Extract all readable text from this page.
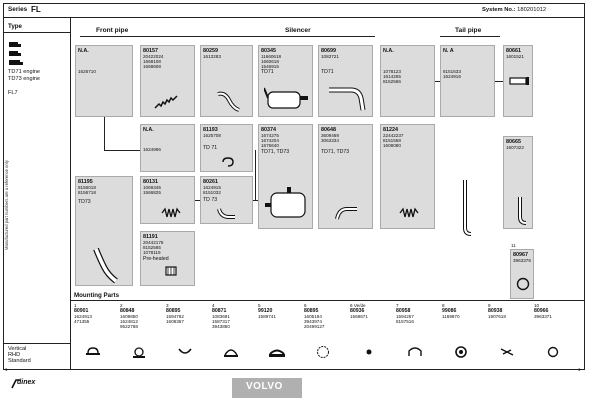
Series FL	System No.: 180201012
Type
TD71 engine
TD73 engine
FL7
Manufactured part numbers are a reference only
Vertical
RHD
Standard
Front pipe	Silencer	Tail pipe
N.A.
1625710
80157
20422024
1668108
1668608
80259
1613283
80345
11660618
1660618
1546915
TD71
80699
1083721
TD71
N.A.
1078123
1614265
8152566
N. A
8151633
1624916
80661
1601521
N.A.
1624996
81193
1625708
TD 71
80374
1674275
1674204
1676640
TD71, TD73
80648
3609469
3063334
TD71, TD73
81224
22442237
8151558
1608080
80665
1607322
81195
8156018
8156718
TD73
80131
1069345
1566825
80261
1624915
8151032
TD 73
81191
20442178
8152565
1078119
Pre-heated
11
80967
3963378
Mounting Parts
1
80901
1624913
471355
2
80848
1609850
1624812
9522768
3
80895
1594762
1608367
4
80871
1083691
1587317
3943850
5
99120
1589741
6
80895
1605194
3943974
20499127
6 Ve/de
80936
1568671
7
80958
1594267
8157516
8
99086
1169870
9
80938
1907618
10
80966
3963371
1	1
dinex	VOLVO
